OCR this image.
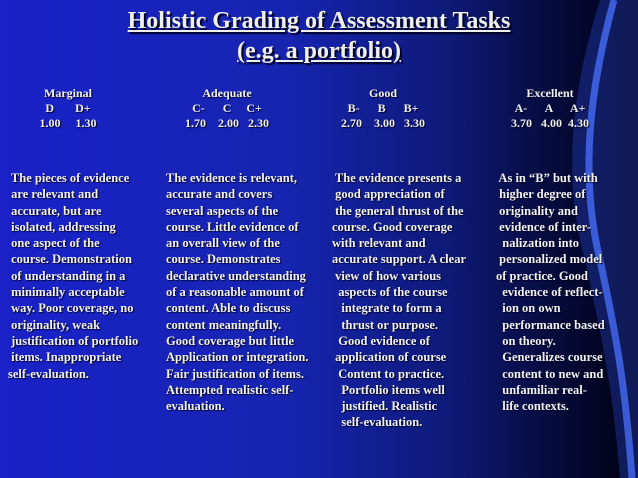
Holistic Grading of Assessment Tasks
(e.g. a portfolio)
Marginal
D       D+
1.00     1.30
Adequate
C-      C     C+
1.70    2.00   2.30
Good
B-      B      B+
2.70    3.00   3.30
Excellent
A-      A      A+
3.70   4.00  4.30
The pieces of evidence
are relevant and
accurate, but are
isolated, addressing
one aspect of the
course. Demonstration
of understanding in a
minimally acceptable
way. Poor coverage, no
originality, weak
justification of portfolio
items. Inappropriate
self-evaluation.
The evidence is relevant,
accurate and covers
several aspects of the
course. Little evidence of
an overall view of the
course. Demonstrates
declarative understanding
of a reasonable amount of
content. Able to discuss
content meaningfully.
Good coverage but little
Application or integration.
Fair justification of items.
Attempted realistic self-
evaluation.
The evidence presents a
good appreciation of
the general thrust of the
course. Good coverage
with relevant and
accurate support. A clear
view of how various
aspects of the course
integrate to form a
thrust or purpose.
Good evidence of
application of course
Content to practice.
Portfolio items well
justified. Realistic
self-evaluation.
As in “B” but with
higher degree of
originality and
evidence of inter-
nalization into
personalized model
of practice. Good
evidence of reflect-
ion on own
performance based
on theory.
Generalizes course
content to new and
unfamiliar real-
life contexts.
